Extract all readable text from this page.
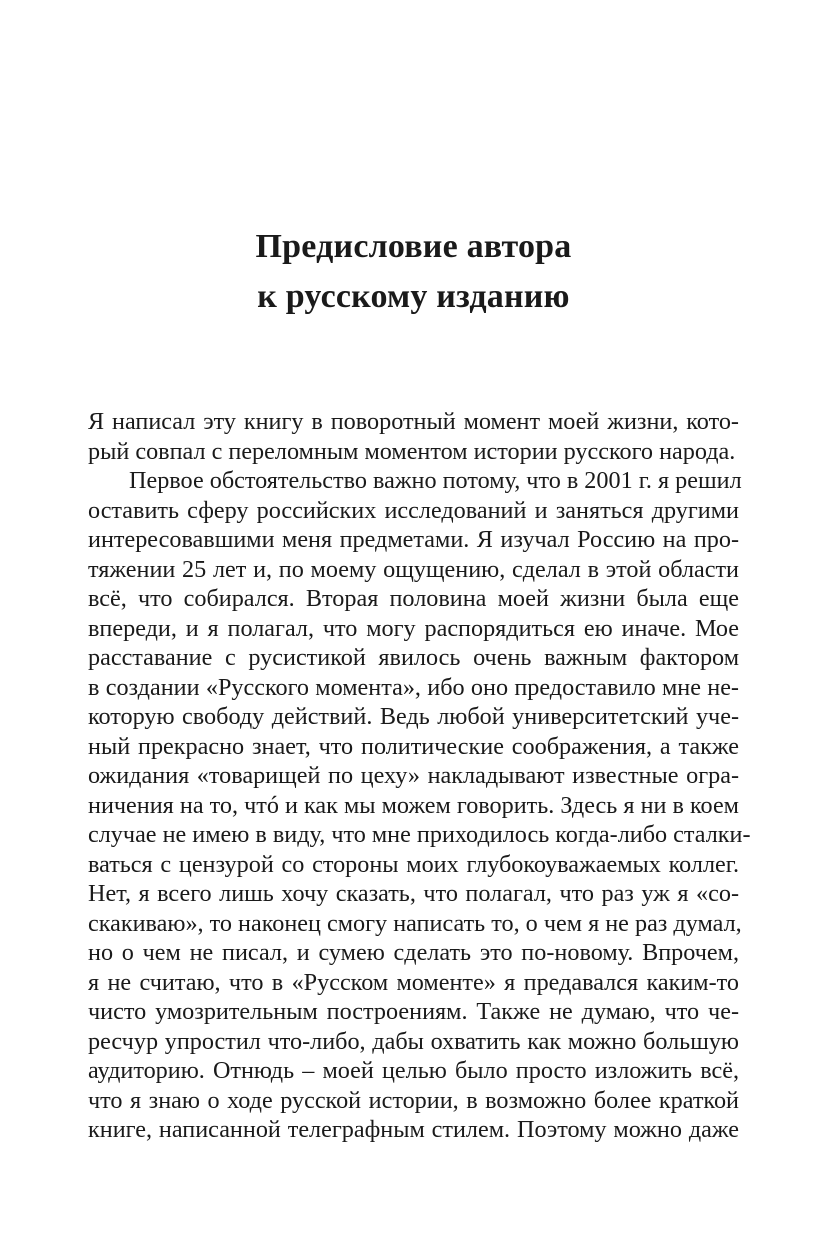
Предисловие автора
к русскому изданию
Я написал эту книгу в поворотный момент моей жизни, кото-
рый совпал с переломным моментом истории русского народа.
Первое обстоятельство важно потому, что в 2001 г. я решил
оставить сферу российских исследований и заняться другими
интересовавшими меня предметами. Я изучал Россию на про-
тяжении 25 лет и, по моему ощущению, сделал в этой области
всё, что собирался. Вторая половина моей жизни была еще
впереди, и я полагал, что могу распорядиться ею иначе. Мое
расставание с русистикой явилось очень важным фактором
в создании «Русского момента», ибо оно предоставило мне не-
которую свободу действий. Ведь любой университетский уче-
ный прекрасно знает, что политические соображения, а также
ожидания «товарищей по цеху» накладывают известные огра-
ничения на то, чтó и как мы можем говорить. Здесь я ни в коем
случае не имею в виду, что мне приходилось когда-либо сталки-
ваться с цензурой со стороны моих глубокоуважаемых коллег.
Нет, я всего лишь хочу сказать, что полагал, что раз уж я «со-
скакиваю», то наконец смогу написать то, о чем я не раз думал,
но о чем не писал, и сумею сделать это по-новому. Впрочем,
я не считаю, что в «Русском моменте» я предавался каким-то
чисто умозрительным построениям. Также не думаю, что че-
ресчур упростил что-либо, дабы охватить как можно большую
аудиторию. Отнюдь – моей целью было просто изложить всё,
что я знаю о ходе русской истории, в возможно более краткой
книге, написанной телеграфным стилем. Поэтому можно даже
